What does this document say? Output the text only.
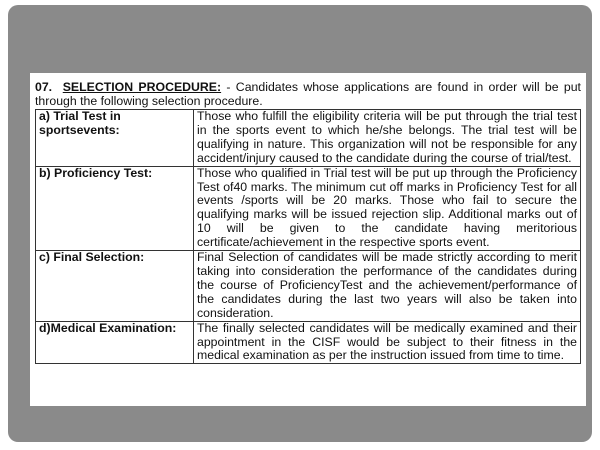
07. SELECTION PROCEDURE: - Candidates whose applications are found in order will be put through the following selection procedure.

a) Trial Test in sportsevents:	Those who fulfill the eligibility criteria will be put through the trial test in the sports event to which he/she belongs. The trial test will be qualifying in nature. This organization will not be responsible for any accident/injury caused to the candidate during the course of trial/test.

b) Proficiency Test:	Those who qualified in Trial test will be put up through the Proficiency Test of40 marks. The minimum cut off marks in Proficiency Test for all events /sports will be 20 marks. Those who fail to secure the qualifying marks will be issued rejection slip. Additional marks out of 10 will be given to the candidate having meritorious certificate/achievement in the respective sports event.

c) Final Selection:	Final Selection of candidates will be made strictly according to merit taking into consideration the performance of the candidates during the course of ProficiencyTest and the achievement/performance of the candidates during the last two years will also be taken into consideration.

d)Medical Examination:	The finally selected candidates will be medically examined and their appointment in the CISF would be subject to their fitness in the medical examination as per the instruction issued from time to time.
